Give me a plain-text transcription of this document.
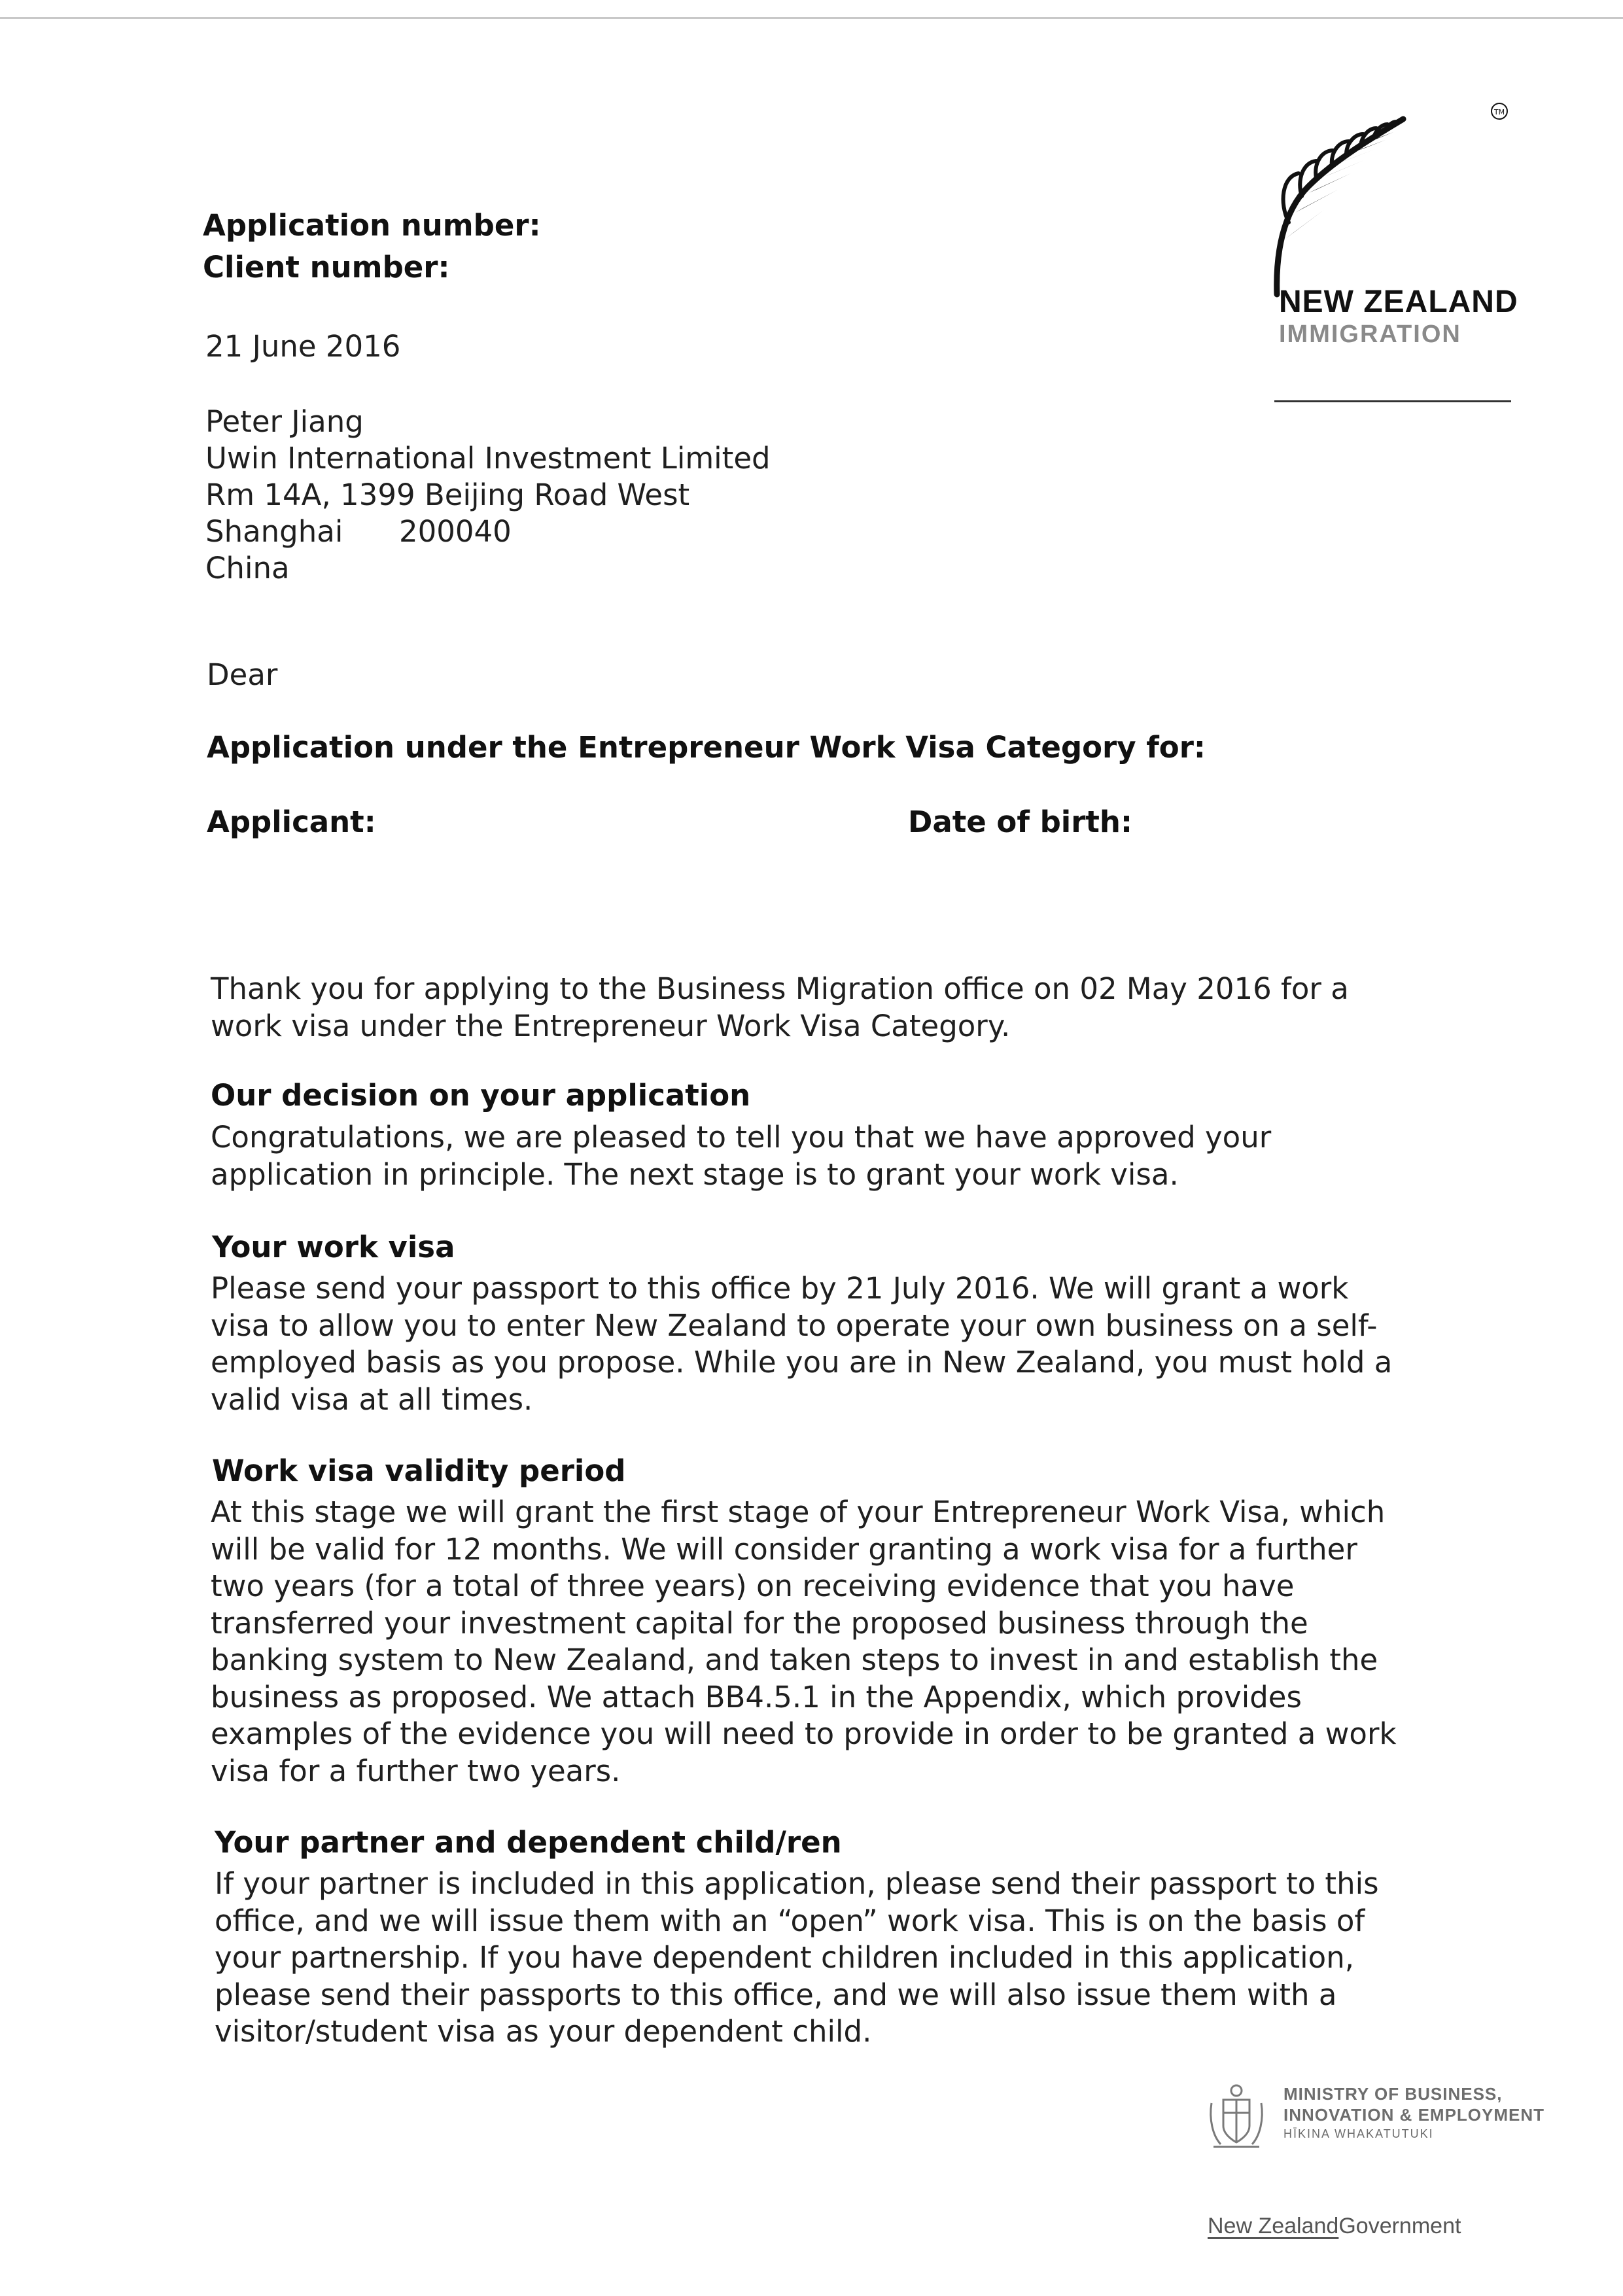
Application number:
Client number:
21 June 2016
Peter Jiang
Uwin International Investment Limited
Rm 14A, 1399 Beijing Road West
Shanghai 200040
China
Dear
Application under the Entrepreneur Work Visa Category for:
Applicant:	Date of birth:

Thank you for applying to the Business Migration office on 02 May 2016 for a

work visa under the Entrepreneur Work Visa Category.

Our decision on your application

Congratulations, we are pleased to tell you that we have approved your

application in principle. The next stage is to grant your work visa.

Your work visa

Please send your passport to this office by 21 July 2016. We will grant a work

visa to allow you to enter New Zealand to operate your own business on a self-

employed basis as you propose. While you are in New Zealand, you must hold a

valid visa at all times.

Work visa validity period

At this stage we will grant the first stage of your Entrepreneur Work Visa, which

will be valid for 12 months. We will consider granting a work visa for a further

two years (for a total of three years) on receiving evidence that you have

transferred your investment capital for the proposed business through the

banking system to New Zealand, and taken steps to invest in and establish the

business as proposed. We attach BB4.5.1 in the Appendix, which provides

examples of the evidence you will need to provide in order to be granted a work

visa for a further two years.

Your partner and dependent child/ren

If your partner is included in this application, please send their passport to this

office, and we will issue them with an “open” work visa. This is on the basis of

your partnership. If you have dependent children included in this application,

please send their passports to this office, and we will also issue them with a

visitor/student visa as your dependent child.

TM
NEW ZEALAND
IMMIGRATION
MINISTRY OF BUSINESS,
INNOVATION & EMPLOYMENT
HĪKINA WHAKATUTUKI
New ZealandGovernment
